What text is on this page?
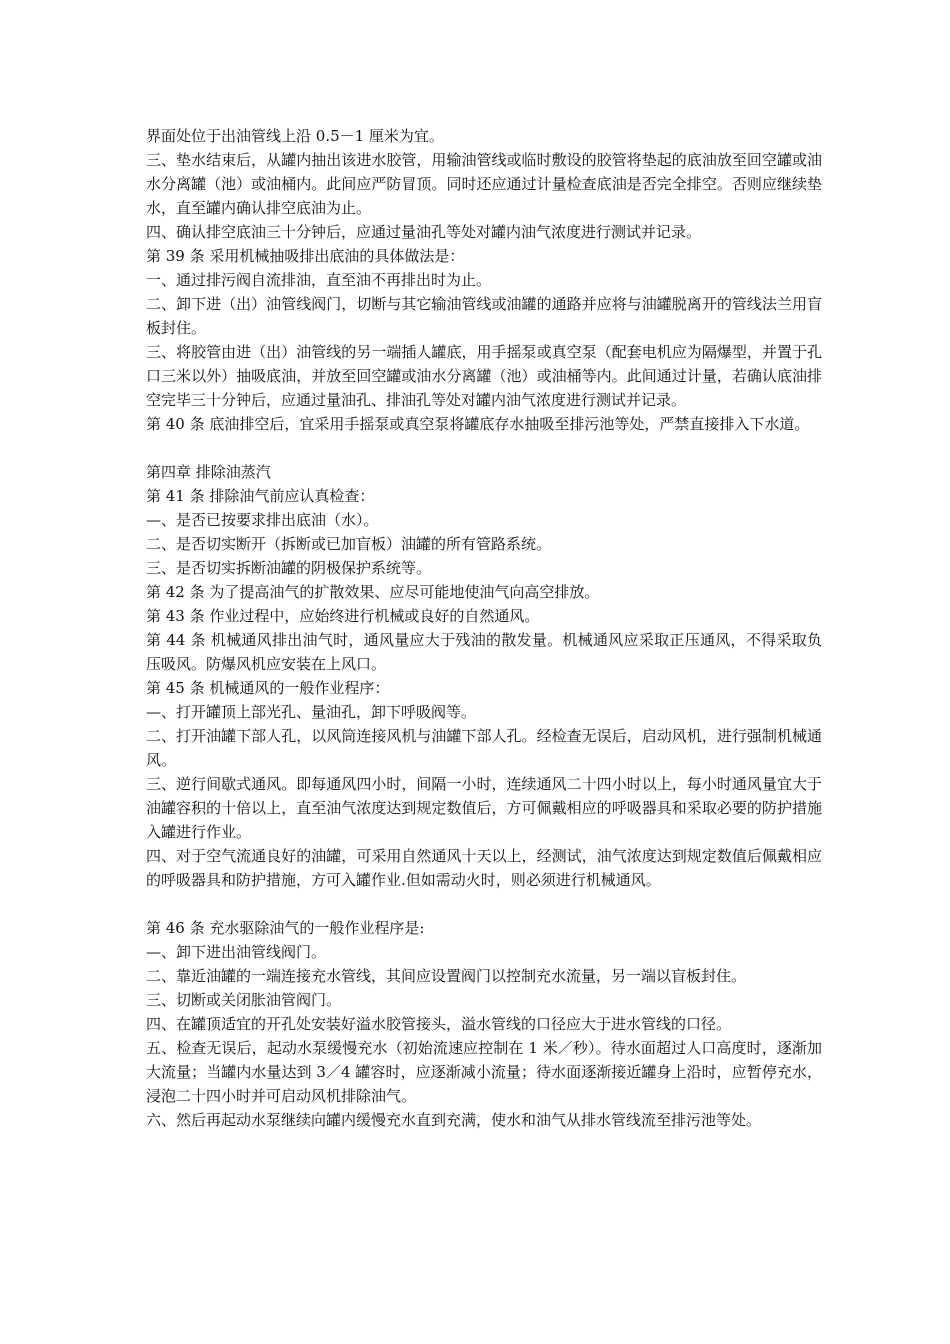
界面处位于出油管线上沿 0.5－1 厘米为宜。

三、垫水结束后，从罐内抽出该进水胶管，用输油管线或临时敷设的胶管将垫起的底油放至回空罐或油水分离罐（池）或油桶内。此间应严防冒顶。同时还应通过计量检查底油是否完全排空。否则应继续垫水，直至罐内确认排空底油为止。

四、确认排空底油三十分钟后，应通过量油孔等处对罐内油气浓度进行测试并记录。

第 39 条 采用机械抽吸排出底油的具体做法是：

一、通过排污阀自流排油，直至油不再排出时为止。

二、卸下进（出）油管线阀门，切断与其它输油管线或油罐的通路并应将与油罐脱离开的管线法兰用盲板封住。

三、将胶管由进（出）油管线的另一端插人罐底，用手摇泵或真空泵（配套电机应为隔爆型，并置于孔口三米以外）抽吸底油，并放至回空罐或油水分离罐（池）或油桶等内。此间通过计量，若确认底油排空完毕三十分钟后，应通过量油孔、排油孔等处对罐内油气浓度进行测试并记录。

第 40 条 底油排空后，宜采用手摇泵或真空泵将罐底存水抽吸至排污池等处，严禁直接排入下水道。

第四章 排除油蒸汽

第 41 条 排除油气前应认真检查：

—、是否已按要求排出底油（水）。

二、是否切实断开（拆断或已加盲板）油罐的所有管路系统。

三、是否切实拆断油罐的阴极保护系统等。

第 42 条 为了提高油气的扩散效果、应尽可能地使油气向高空排放。

第 43 条 作业过程中，应始终进行机械或良好的自然通风。

第 44 条 机械通风排出油气时，通风量应大于残油的散发量。机械通风应采取正压通风，不得采取负压吸风。防爆风机应安装在上风口。

第 45 条 机械通风的一般作业程序：

—、打开罐顶上部光孔、量油孔，卸下呼吸阀等。

二、打开油罐下部人孔，以风筒连接风机与油罐下部人孔。经检查无误后，启动风机，进行强制机械通风。

三、逆行间歇式通风。即每通风四小时，间隔一小时，连续通风二十四小时以上，每小时通风量宜大于油罐容积的十倍以上，直至油气浓度达到规定数值后，方可佩戴相应的呼吸器具和采取必要的防护措施入罐进行作业。

四、对于空气流通良好的油罐，可采用自然通风十天以上，经测试，油气浓度达到规定数值后佩戴相应的呼吸器具和防护措施，方可入罐作业.但如需动火时，则必须进行机械通风。

第 46 条 充水驱除油气的一般作业程序是:

—、卸下进出油管线阀门。

二、靠近油罐的一端连接充水管线，其间应设置阀门以控制充水流量，另一端以盲板封住。

三、切断或关闭胀油管阀门。

四、在罐顶适宜的开孔处安装好溢水胶管接头，溢水管线的口径应大于进水管线的口径。

五、检查无误后，起动水泵缓慢充水（初始流速应控制在 1 米／秒）。待水面超过人口高度时，逐渐加大流量；当罐内水量达到 3／4 罐容时，应逐渐减小流量；待水面逐渐接近罐身上沿时，应暂停充水，浸泡二十四小时并可启动风机排除油气。

六、然后再起动水泵继续向罐内缓慢充水直到充满，使水和油气从排水管线流至排污池等处。
